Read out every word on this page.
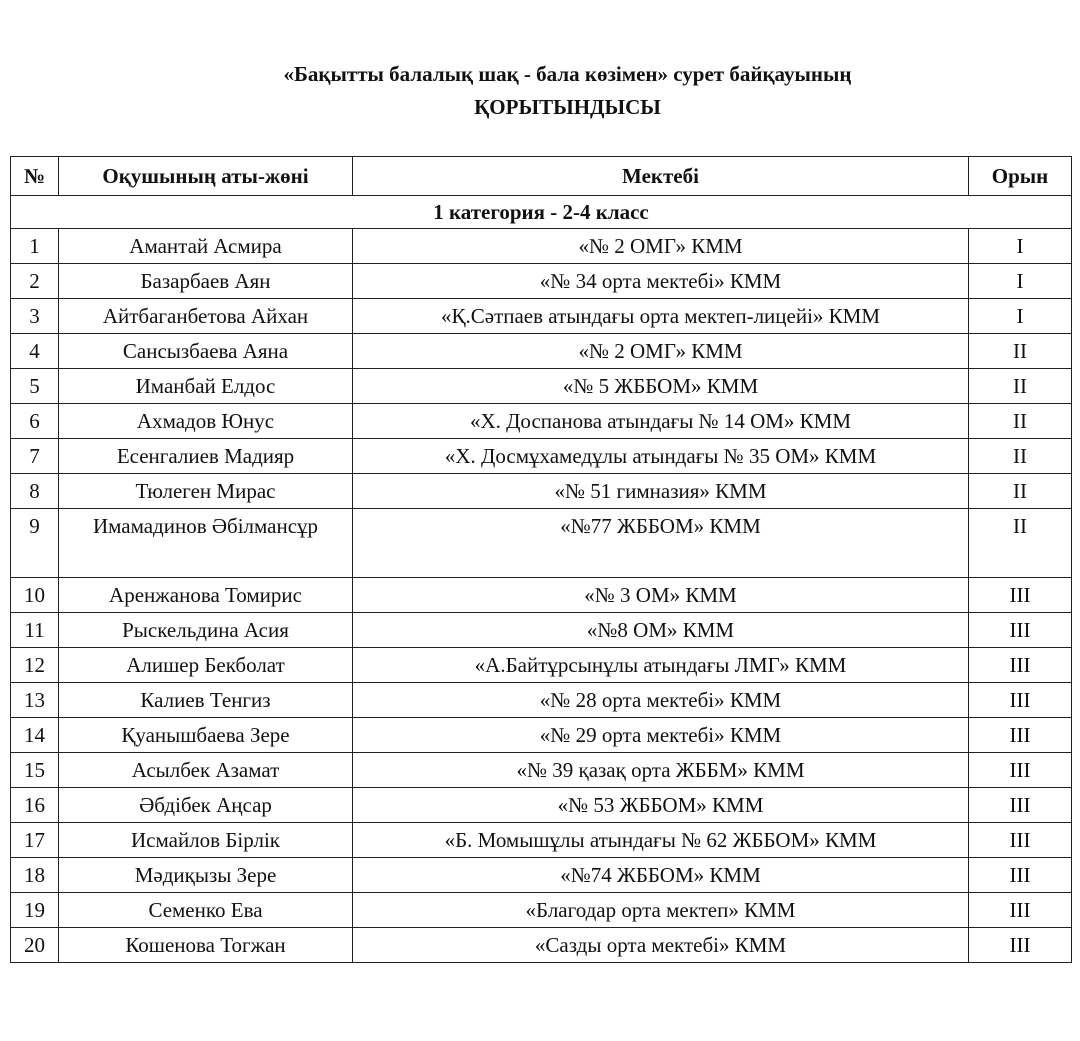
«Бақытты балалық шақ - бала көзімен» сурет байқауының
ҚОРЫТЫНДЫСЫ
№	Оқушының аты-жөні	Мектебі	Орын
1 категория - 2-4 класс			
1	Амантай Асмира	«№ 2 ОМГ» КММ	I
2	Базарбаев Аян	«№ 34 орта мектебі» КММ	I
3	Айтбаганбетова Айхан	«Қ.Сәтпаев атындағы орта мектеп-лицейі» КММ	I
4	Сансызбаева Аяна	«№ 2 ОМГ» КММ	II
5	Иманбай Елдос	«№ 5 ЖББОМ» КММ	II
6	Ахмадов Юнус	«Х. Доспанова атындағы № 14 ОМ» КММ	II
7	Есенгалиев Мадияр	«Х. Досмұхамедұлы атындағы № 35 ОМ» КММ	II
8	Тюлеген Мирас	«№ 51 гимназия» КММ	II
9	Имамадинов Әбілмансұр	«№77 ЖББОМ» КММ	II
10	Аренжанова Томирис	«№ 3 ОМ» КММ	III
11	Рыскельдина Асия	«№8 ОМ» КММ	III
12	Алишер Бекболат	«А.Байтұрсынұлы атындағы ЛМГ» КММ	III
13	Калиев Тенгиз	«№ 28 орта мектебі» КММ	III
14	Қуанышбаева Зере	«№ 29 орта мектебі» КММ	III
15	Асылбек Азамат	«№ 39 қазақ орта ЖББМ» КММ	III
16	Әбдібек Аңсар	«№ 53 ЖББОМ» КММ	III
17	Исмайлов Бірлік	«Б. Момышұлы атындағы № 62 ЖББОМ» КММ	III
18	Мәдиқызы Зере	«№74 ЖББОМ» КММ	III
19	Семенко Ева	«Благодар орта мектеп» КММ	III
20	Кошенова Тогжан	«Сазды орта мектебі» КММ	III
